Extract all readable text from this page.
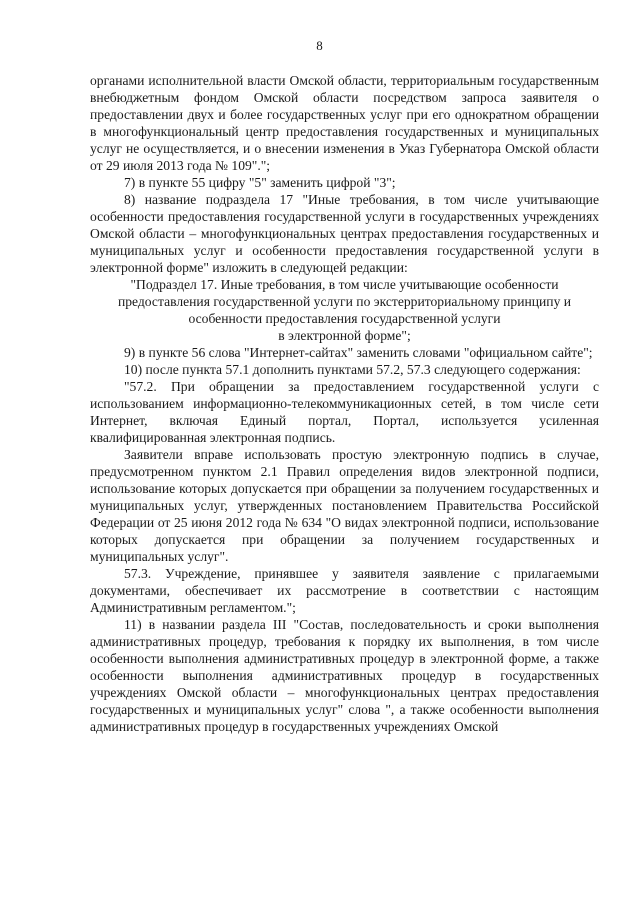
8

органами исполнительной власти Омской области, территориальным государственным внебюджетным фондом Омской области посредством запроса заявителя о предоставлении двух и более государственных услуг при его однократном обращении в многофункциональный центр предоставления государственных и муниципальных услуг не осуществляется, и о внесении изменения в Указ Губернатора Омской области от 29 июля 2013 года № 109".";

7) в пункте 55 цифру "5" заменить цифрой "3";

8) название подраздела 17 "Иные требования, в том числе учитывающие особенности предоставления государственной услуги в государственных учреждениях Омской области – многофункциональных центрах предоставления государственных и муниципальных услуг и особенности предоставления государственной услуги в электронной форме" изложить в следующей редакции:

"Подраздел 17. Иные требования, в том числе учитывающие особенности предоставления государственной услуги по экстерриториальному принципу и особенности предоставления государственной услуги

в электронной форме";

9) в пункте 56 слова "Интернет-сайтах" заменить словами "официальном сайте";

10) после пункта 57.1 дополнить пунктами 57.2, 57.3 следующего содержания:

"57.2. При обращении за предоставлением государственной услуги с использованием информационно-телекоммуникационных сетей, в том числе сети Интернет, включая Единый портал, Портал, используется усиленная квалифицированная электронная подпись.

Заявители вправе использовать простую электронную подпись в случае, предусмотренном пунктом 2.1 Правил определения видов электронной подписи, использование которых допускается при обращении за получением государственных и муниципальных услуг, утвержденных постановлением Правительства Российской Федерации от 25 июня 2012 года № 634 "О видах электронной подписи, использование которых допускается при обращении за получением государственных и муниципальных услуг".

57.3. Учреждение, принявшее у заявителя заявление с прилагаемыми документами, обеспечивает их рассмотрение в соответствии с настоящим Административным регламентом.";

11) в названии раздела III "Состав, последовательность и сроки выполнения административных процедур, требования к порядку их выполнения, в том числе особенности выполнения административных процедур в электронной форме, а также особенности выполнения административных процедур в государственных учреждениях Омской области – многофункциональных центрах предоставления государственных и муниципальных услуг" слова ", а также особенности выполнения административных процедур в государственных учреждениях Омской
